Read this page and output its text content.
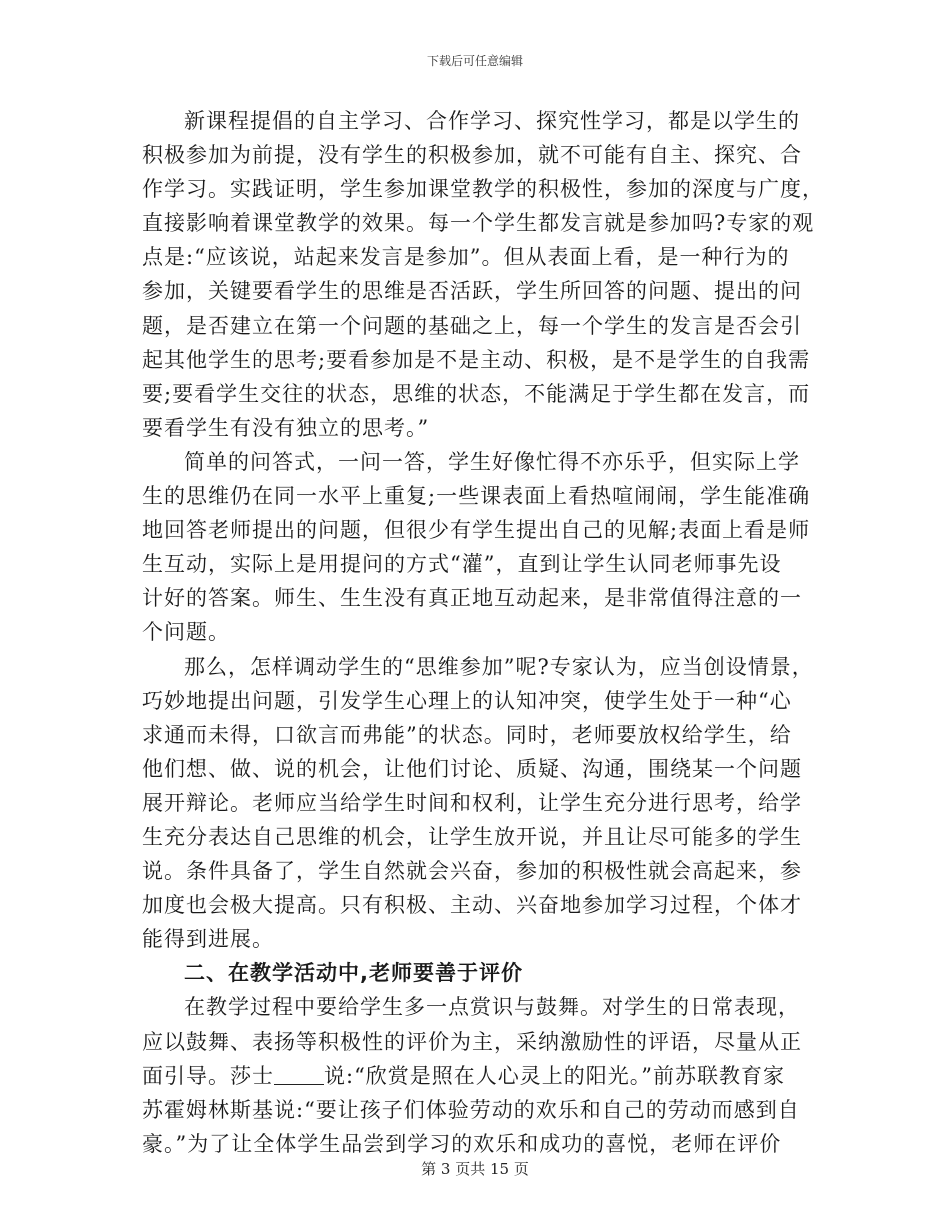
下载后可任意编辑
新课程提倡的自主学习、合作学习、探究性学习，都是以学生的
积极参加为前提，没有学生的积极参加，就不可能有自主、探究、合
作学习。实践证明，学生参加课堂教学的积极性，参加的深度与广度，
直接影响着课堂教学的效果。每一个学生都发言就是参加吗?专家的观
点是:“应该说，站起来发言是参加”。但从表面上看，是一种行为的
参加，关键要看学生的思维是否活跃，学生所回答的问题、提出的问
题，是否建立在第一个问题的基础之上，每一个学生的发言是否会引
起其他学生的思考;要看参加是不是主动、积极，是不是学生的自我需
要;要看学生交往的状态，思维的状态，不能满足于学生都在发言，而
要看学生有没有独立的思考。”
简单的问答式，一问一答，学生好像忙得不亦乐乎，但实际上学
生的思维仍在同一水平上重复;一些课表面上看热喧闹闹，学生能准确
地回答老师提出的问题，但很少有学生提出自己的见解;表面上看是师
生互动，实际上是用提问的方式“灌”，直到让学生认同老师事先设
计好的答案。师生、生生没有真正地互动起来，是非常值得注意的一
个问题。
那么，怎样调动学生的“思维参加”呢?专家认为，应当创设情景，
巧妙地提出问题，引发学生心理上的认知冲突，使学生处于一种“心
求通而未得，口欲言而弗能”的状态。同时，老师要放权给学生，给
他们想、做、说的机会，让他们讨论、质疑、沟通，围绕某一个问题
展开辩论。老师应当给学生时间和权利，让学生充分进行思考，给学
生充分表达自己思维的机会，让学生放开说，并且让尽可能多的学生
说。条件具备了，学生自然就会兴奋，参加的积极性就会高起来，参
加度也会极大提高。只有积极、主动、兴奋地参加学习过程，个体才
能得到进展。
二、在教学活动中,老师要善于评价
在教学过程中要给学生多一点赏识与鼓舞。对学生的日常表现，
应以鼓舞、表扬等积极性的评价为主，采纳激励性的评语，尽量从正
面引导。莎士 说:“欣赏是照在人心灵上的阳光。”前苏联教育家
苏霍姆林斯基说:“要让孩子们体验劳动的欢乐和自己的劳动而感到自
豪。”为了让全体学生品尝到学习的欢乐和成功的喜悦，老师在评价
第 3 页共 15 页
